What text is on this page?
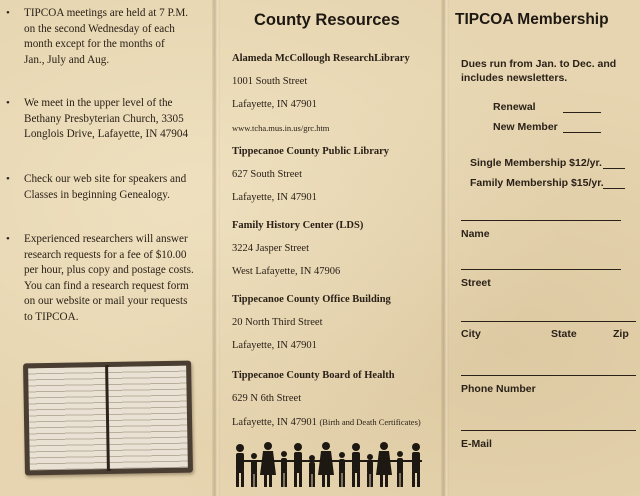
• TIPCOA meetings are held at 7 P.M.
on the second Wednesday of each
month except for the months of
Jan., July and Aug.
• We meet in the upper level of the
Bethany Presbyterian Church, 3305
Longlois Drive, Lafayette, IN 47904
• Check our web site for speakers and
Classes in beginning Genealogy.
• Experienced researchers will answer
research requests for a fee of $10.00
per hour, plus copy and postage costs.
You can find a research request form
on our website or mail your requests
to TIPCOA.
County Resources
Alameda McCollough ResearchLibrary
1001 South Street
Lafayette, IN 47901
www.tcha.mus.in.us/grc.htm
Tippecanoe County Public Library
627 South Street
Lafayette, IN 47901
Family History Center (LDS)
3224 Jasper Street
West Lafayette, IN 47906
Tippecanoe County Office Building
20 North Third Street
Lafayette, IN 47901
Tippecanoe County Board of Health
629 N 6th Street
Lafayette, IN 47901 (Birth and Death Certificates)
TIPCOA Membership
Dues run from Jan. to Dec. and
includes newsletters.
Renewal
New Member
Single Membership $12/yr.
Family Membership $15/yr.
Name
Street
City	State	Zip
Phone Number
E-Mail
